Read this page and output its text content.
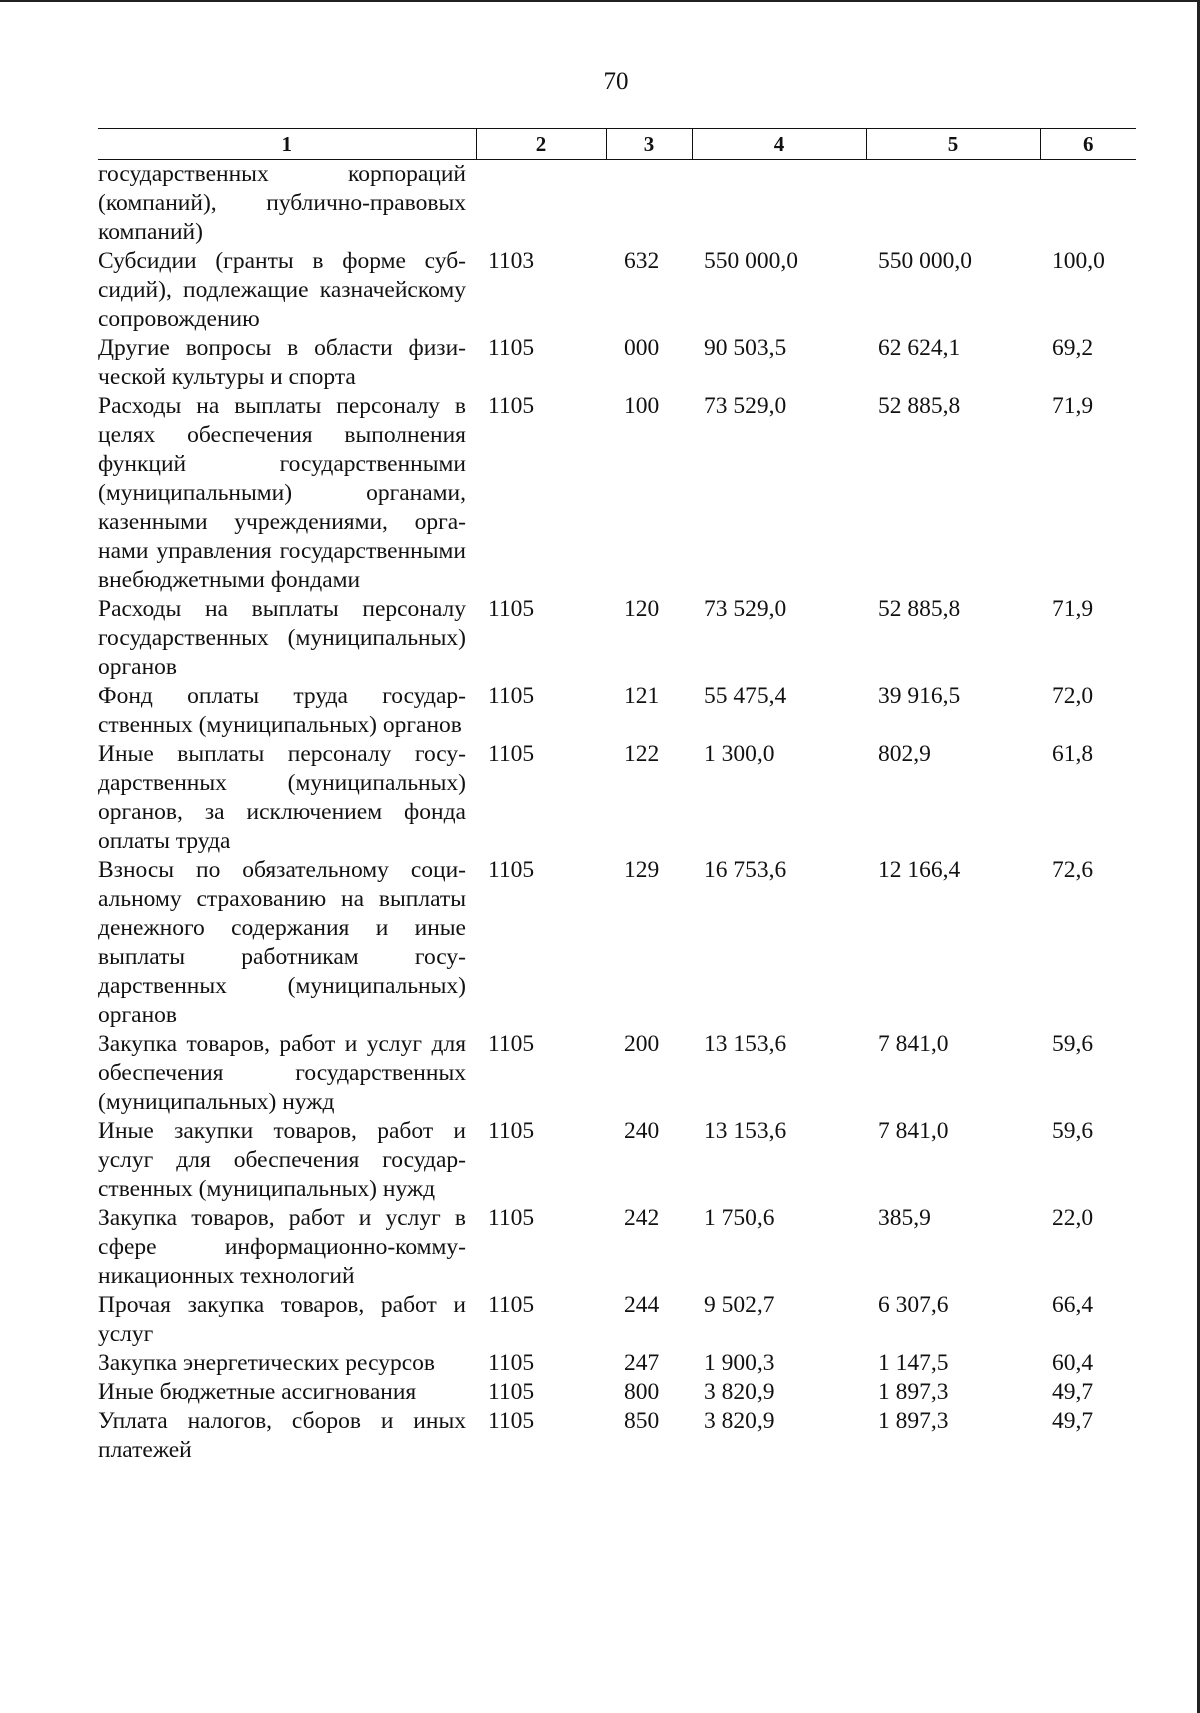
70
1	2	3	4	5	6
государственных корпораций (компаний), публично-правовых компаний)					
Субсидии (гранты в форме субсидий), подлежащие казначейскому сопровождению	1103	632	550 000,0	550 000,0	100,0
Другие вопросы в области физической культуры и спорта	1105	000	90 503,5	62 624,1	69,2
Расходы на выплаты персоналу в целях обеспечения выполнения функций государственными (муниципальными) органами, казенными учреждениями, органами управления государственными внебюджетными фондами	1105	100	73 529,0	52 885,8	71,9
Расходы на выплаты персоналу государственных (муниципальных) органов	1105	120	73 529,0	52 885,8	71,9
Фонд оплаты труда государственных (муниципальных) органов	1105	121	55 475,4	39 916,5	72,0
Иные выплаты персоналу государственных (муниципальных) органов, за исключением фонда оплаты труда	1105	122	1 300,0	802,9	61,8
Взносы по обязательному социальному страхованию на выплаты денежного содержания и иные выплаты работникам государственных (муниципальных) органов	1105	129	16 753,6	12 166,4	72,6
Закупка товаров, работ и услуг для обеспечения государственных (муниципальных) нужд	1105	200	13 153,6	7 841,0	59,6
Иные закупки товаров, работ и услуг для обеспечения государственных (муниципальных) нужд	1105	240	13 153,6	7 841,0	59,6
Закупка товаров, работ и услуг в сфере информационно-коммуникационных технологий	1105	242	1 750,6	385,9	22,0
Прочая закупка товаров, работ и услуг	1105	244	9 502,7	6 307,6	66,4
Закупка энергетических ресурсов	1105	247	1 900,3	1 147,5	60,4
Иные бюджетные ассигнования	1105	800	3 820,9	1 897,3	49,7
Уплата налогов, сборов и иных платежей	1105	850	3 820,9	1 897,3	49,7
